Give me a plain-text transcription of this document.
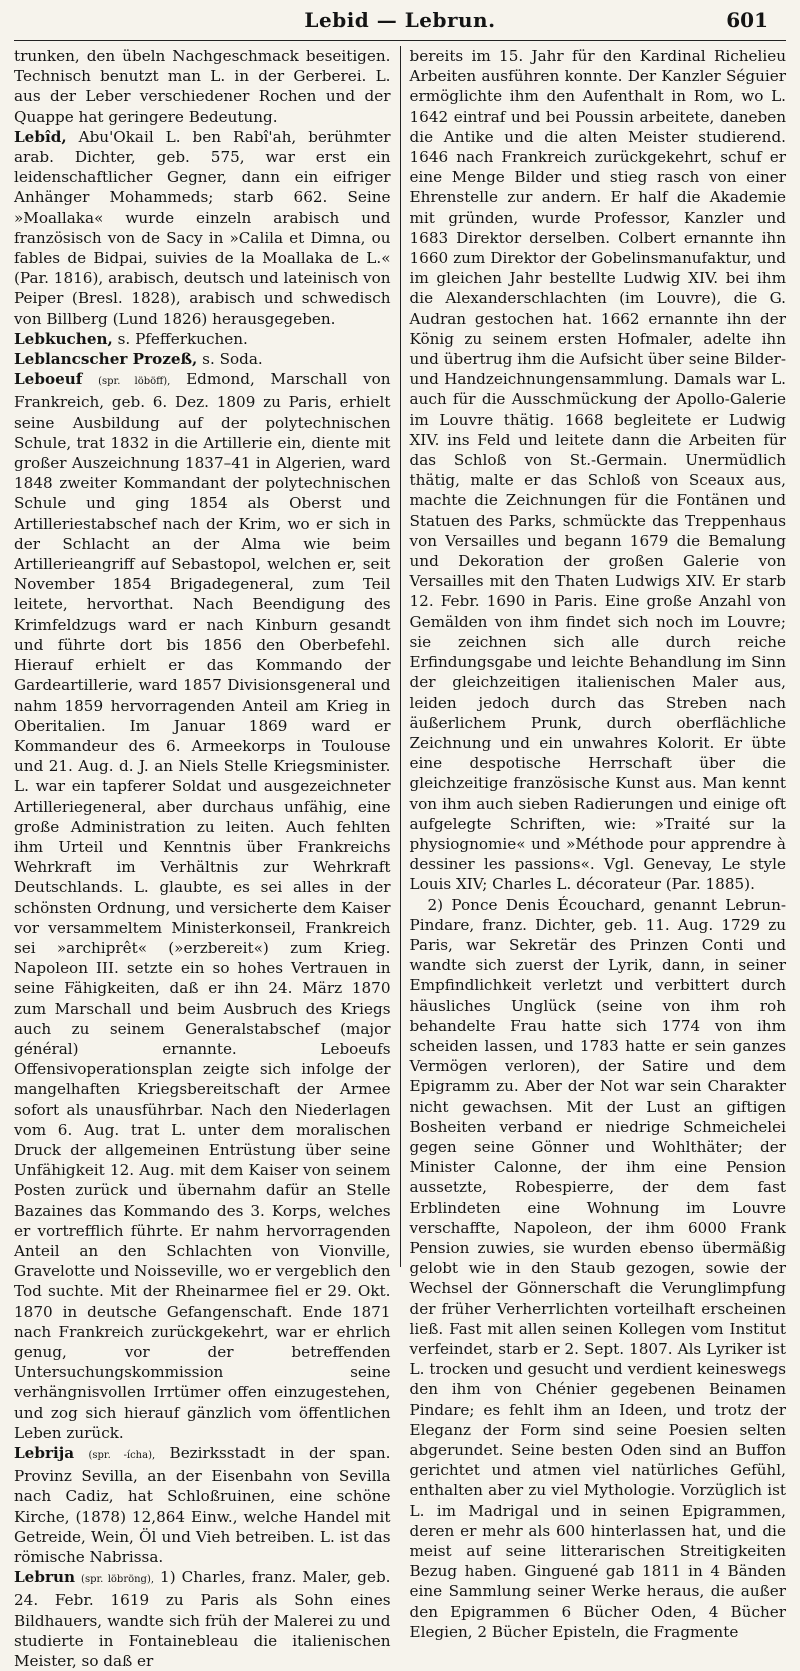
Lebid — Lebrun.	601

trunken, den übeln Nachgeschmack beseitigen. Technisch benutzt man L. in der Gerberei. L. aus der Leber verschiedener Rochen und der Quappe hat geringere Bedeutung.

Lebîd, Abu'Okail L. ben Rabî'ah, berühmter arab. Dichter, geb. 575, war erst ein leidenschaftlicher Gegner, dann ein eifriger Anhänger Mohammeds; starb 662. Seine »Moallaka« wurde einzeln arabisch und französisch von de Sacy in »Calila et Dimna, ou fables de Bidpai, suivies de la Moallaka de L.« (Par. 1816), arabisch, deutsch und lateinisch von Peiper (Bresl. 1828), arabisch und schwedisch von Billberg (Lund 1826) herausgegeben.

Lebkuchen, s. Pfefferkuchen.

Leblancscher Prozeß, s. Soda.

Leboeuf (spr. löböff), Edmond, Marschall von Frankreich, geb. 6. Dez. 1809 zu Paris, erhielt seine Ausbildung auf der polytechnischen Schule, trat 1832 in die Artillerie ein, diente mit großer Auszeichnung 1837–41 in Algerien, ward 1848 zweiter Kommandant der polytechnischen Schule und ging 1854 als Oberst und Artilleriestabschef nach der Krim, wo er sich in der Schlacht an der Alma wie beim Artillerieangriff auf Sebastopol, welchen er, seit November 1854 Brigadegeneral, zum Teil leitete, hervorthat. Nach Beendigung des Krimfeldzugs ward er nach Kinburn gesandt und führte dort bis 1856 den Oberbefehl. Hierauf erhielt er das Kommando der Gardeartillerie, ward 1857 Divisionsgeneral und nahm 1859 hervorragenden Anteil am Krieg in Oberitalien. Im Januar 1869 ward er Kommandeur des 6. Armeekorps in Toulouse und 21. Aug. d. J. an Niels Stelle Kriegsminister. L. war ein tapferer Soldat und ausgezeichneter Artilleriegeneral, aber durchaus unfähig, eine große Administration zu leiten. Auch fehlten ihm Urteil und Kenntnis über Frankreichs Wehrkraft im Verhältnis zur Wehrkraft Deutschlands. L. glaubte, es sei alles in der schönsten Ordnung, und versicherte dem Kaiser vor versammeltem Ministerkonseil, Frankreich sei »archiprêt« (»erzbereit«) zum Krieg. Napoleon III. setzte ein so hohes Vertrauen in seine Fähigkeiten, daß er ihn 24. März 1870 zum Marschall und beim Ausbruch des Kriegs auch zu seinem Generalstabschef (major général) ernannte. Leboeufs Offensivoperationsplan zeigte sich infolge der mangelhaften Kriegsbereitschaft der Armee sofort als unausführbar. Nach den Niederlagen vom 6. Aug. trat L. unter dem moralischen Druck der allgemeinen Entrüstung über seine Unfähigkeit 12. Aug. mit dem Kaiser von seinem Posten zurück und übernahm dafür an Stelle Bazaines das Kommando des 3. Korps, welches er vortrefflich führte. Er nahm hervorragenden Anteil an den Schlachten von Vionville, Gravelotte und Noisseville, wo er vergeblich den Tod suchte. Mit der Rheinarmee fiel er 29. Okt. 1870 in deutsche Gefangenschaft. Ende 1871 nach Frankreich zurückgekehrt, war er ehrlich genug, vor der betreffenden Untersuchungskommission seine verhängnisvollen Irrtümer offen einzugestehen, und zog sich hierauf gänzlich vom öffentlichen Leben zurück.

Lebrija (spr. -ícha), Bezirksstadt in der span. Provinz Sevilla, an der Eisenbahn von Sevilla nach Cadiz, hat Schloßruinen, eine schöne Kirche, (1878) 12,864 Einw., welche Handel mit Getreide, Wein, Öl und Vieh betreiben. L. ist das römische Nabrissa.

Lebrun (spr. löbröng), 1) Charles, franz. Maler, geb. 24. Febr. 1619 zu Paris als Sohn eines Bildhauers, wandte sich früh der Malerei zu und studierte in Fontainebleau die italienischen Meister, so daß er

bereits im 15. Jahr für den Kardinal Richelieu Arbeiten ausführen konnte. Der Kanzler Séguier ermöglichte ihm den Aufenthalt in Rom, wo L. 1642 eintraf und bei Poussin arbeitete, daneben die Antike und die alten Meister studierend. 1646 nach Frankreich zurückgekehrt, schuf er eine Menge Bilder und stieg rasch von einer Ehrenstelle zur andern. Er half die Akademie mit gründen, wurde Professor, Kanzler und 1683 Direktor derselben. Colbert ernannte ihn 1660 zum Direktor der Gobelinsmanufaktur, und im gleichen Jahr bestellte Ludwig XIV. bei ihm die Alexanderschlachten (im Louvre), die G. Audran gestochen hat. 1662 ernannte ihn der König zu seinem ersten Hofmaler, adelte ihn und übertrug ihm die Aufsicht über seine Bilder- und Handzeichnungensammlung. Damals war L. auch für die Ausschmückung der Apollo-Galerie im Louvre thätig. 1668 begleitete er Ludwig XIV. ins Feld und leitete dann die Arbeiten für das Schloß von St.-Germain. Unermüdlich thätig, malte er das Schloß von Sceaux aus, machte die Zeichnungen für die Fontänen und Statuen des Parks, schmückte das Treppenhaus von Versailles und begann 1679 die Bemalung und Dekoration der großen Galerie von Versailles mit den Thaten Ludwigs XIV. Er starb 12. Febr. 1690 in Paris. Eine große Anzahl von Gemälden von ihm findet sich noch im Louvre; sie zeichnen sich alle durch reiche Erfindungsgabe und leichte Behandlung im Sinn der gleichzeitigen italienischen Maler aus, leiden jedoch durch das Streben nach äußerlichem Prunk, durch oberflächliche Zeichnung und ein unwahres Kolorit. Er übte eine despotische Herrschaft über die gleichzeitige französische Kunst aus. Man kennt von ihm auch sieben Radierungen und einige oft aufgelegte Schriften, wie: »Traité sur la physiognomie« und »Méthode pour apprendre à dessiner les passions«. Vgl. Genevay, Le style Louis XIV; Charles L. décorateur (Par. 1885).

2) Ponce Denis Écouchard, genannt Lebrun-Pindare, franz. Dichter, geb. 11. Aug. 1729 zu Paris, war Sekretär des Prinzen Conti und wandte sich zuerst der Lyrik, dann, in seiner Empfindlichkeit verletzt und verbittert durch häusliches Unglück (seine von ihm roh behandelte Frau hatte sich 1774 von ihm scheiden lassen, und 1783 hatte er sein ganzes Vermögen verloren), der Satire und dem Epigramm zu. Aber der Not war sein Charakter nicht gewachsen. Mit der Lust an giftigen Bosheiten verband er niedrige Schmeichelei gegen seine Gönner und Wohlthäter; der Minister Calonne, der ihm eine Pension aussetzte, Robespierre, der dem fast Erblindeten eine Wohnung im Louvre verschaffte, Napoleon, der ihm 6000 Frank Pension zuwies, sie wurden ebenso übermäßig gelobt wie in den Staub gezogen, sowie der Wechsel der Gönnerschaft die Verunglimpfung der früher Verherrlichten vorteilhaft erscheinen ließ. Fast mit allen seinen Kollegen vom Institut verfeindet, starb er 2. Sept. 1807. Als Lyriker ist L. trocken und gesucht und verdient keineswegs den ihm von Chénier gegebenen Beinamen Pindare; es fehlt ihm an Ideen, und trotz der Eleganz der Form sind seine Poesien selten abgerundet. Seine besten Oden sind an Buffon gerichtet und atmen viel natürliches Gefühl, enthalten aber zu viel Mythologie. Vorzüglich ist L. im Madrigal und in seinen Epigrammen, deren er mehr als 600 hinterlassen hat, und die meist auf seine litterarischen Streitigkeiten Bezug haben. Ginguené gab 1811 in 4 Bänden eine Sammlung seiner Werke heraus, die außer den Epigrammen 6 Bücher Oden, 4 Bücher Elegien, 2 Bücher Episteln, die Fragmente
